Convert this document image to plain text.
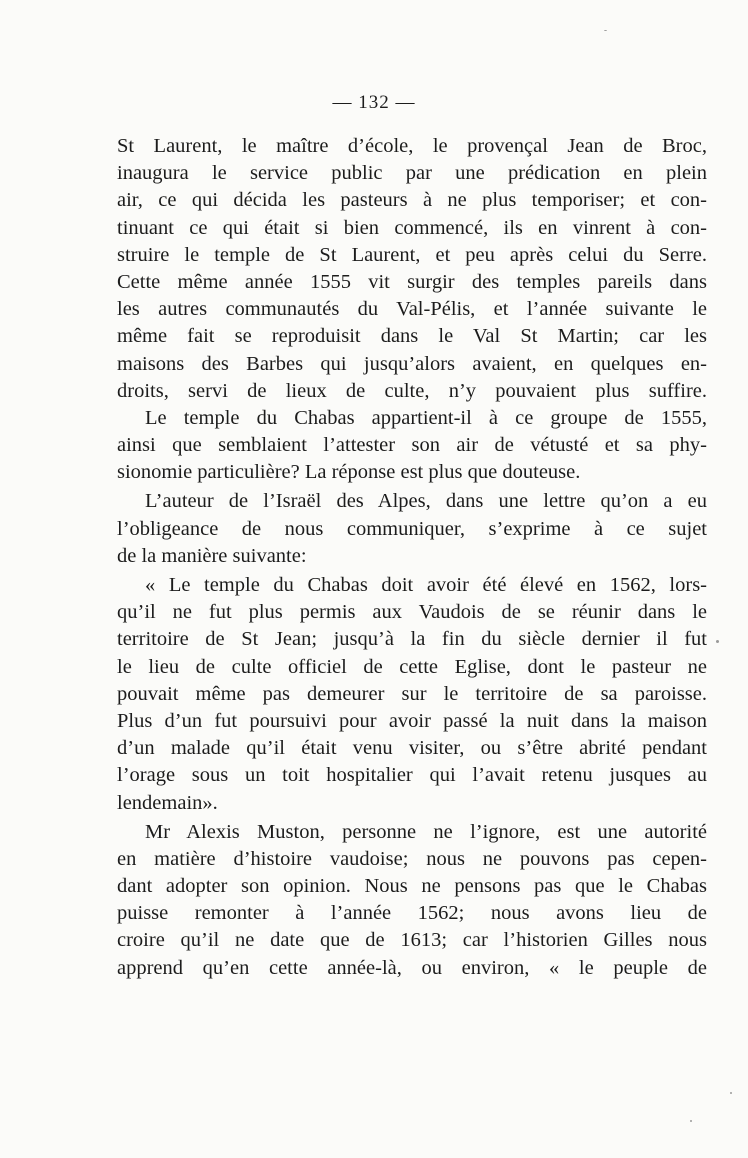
— 132 —
St Laurent, le maître d’école, le provençal Jean de Broc,
inaugura le service public par une prédication en plein
air, ce qui décida les pasteurs à ne plus temporiser; et con-
tinuant ce qui était si bien commencé, ils en vinrent à con-
struire le temple de St Laurent, et peu après celui du Serre.
Cette même année 1555 vit surgir des temples pareils dans
les autres communautés du Val-Pélis, et l’année suivante le
même fait se reproduisit dans le Val St Martin; car les
maisons des Barbes qui jusqu’alors avaient, en quelques en-
droits, servi de lieux de culte, n’y pouvaient plus suffire.
Le temple du Chabas appartient-il à ce groupe de 1555,
ainsi que semblaient l’attester son air de vétusté et sa phy-
sionomie particulière? La réponse est plus que douteuse.
L’auteur de l’Israël des Alpes, dans une lettre qu’on a eu
l’obligeance de nous communiquer, s’exprime à ce sujet
de la manière suivante:
« Le temple du Chabas doit avoir été élevé en 1562, lors-
qu’il ne fut plus permis aux Vaudois de se réunir dans le
territoire de St Jean; jusqu’à la fin du siècle dernier il fut
le lieu de culte officiel de cette Eglise, dont le pasteur ne
pouvait même pas demeurer sur le territoire de sa paroisse.
Plus d’un fut poursuivi pour avoir passé la nuit dans la maison
d’un malade qu’il était venu visiter, ou s’être abrité pendant
l’orage sous un toit hospitalier qui l’avait retenu jusques au
lendemain».
Mr Alexis Muston, personne ne l’ignore, est une autorité
en matière d’histoire vaudoise; nous ne pouvons pas cepen-
dant adopter son opinion. Nous ne pensons pas que le Chabas
puisse remonter à l’année 1562; nous avons lieu de
croire qu’il ne date que de 1613; car l’historien Gilles nous
apprend qu’en cette année-là, ou environ, « le peuple de
